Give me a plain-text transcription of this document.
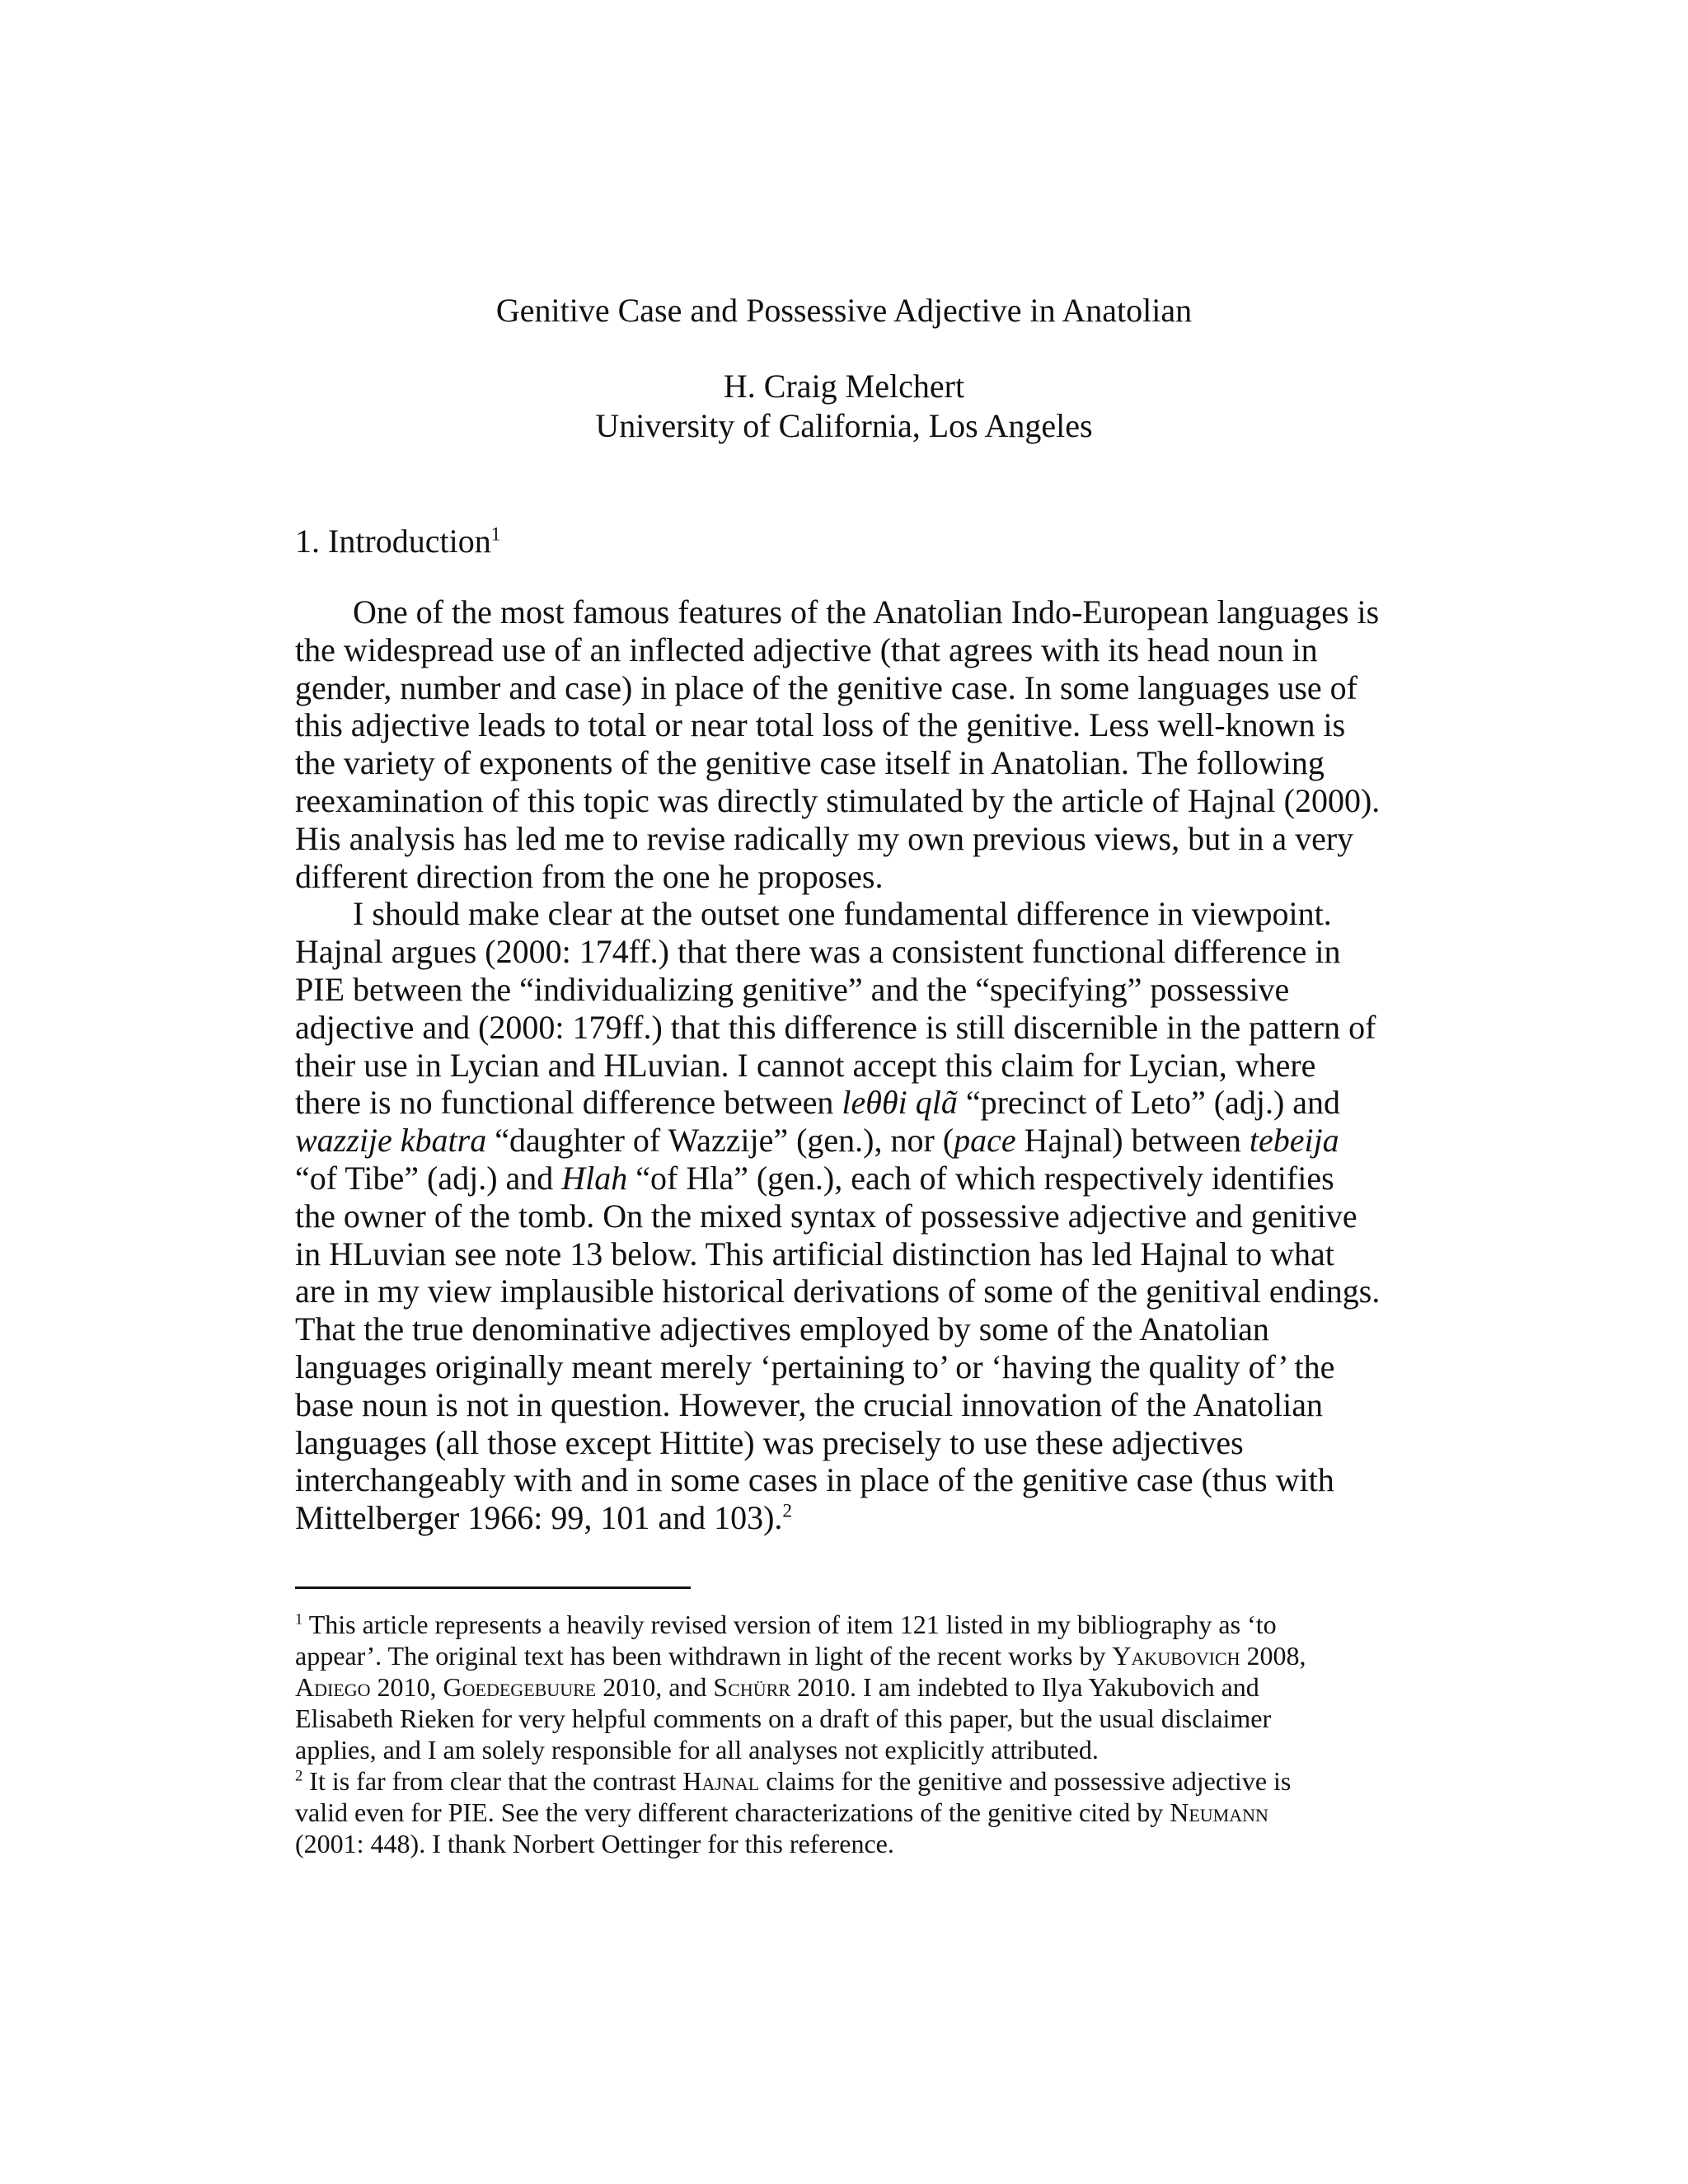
Genitive Case and Possessive Adjective in Anatolian
H. Craig Melchert
University of California, Los Angeles
1. Introduction$^1$
One of the most famous features of the Anatolian Indo-European languages is
the widespread use of an inflected adjective (that agrees with its head noun in
gender, number and case) in place of the genitive case. In some languages use of
this adjective leads to total or near total loss of the genitive. Less well-known is
the variety of exponents of the genitive case itself in Anatolian. The following
reexamination of this topic was directly stimulated by the article of Hajnal (2000).
His analysis has led me to revise radically my own previous views, but in a very
different direction from the one he proposes.
I should make clear at the outset one fundamental difference in viewpoint.
Hajnal argues (2000: 174ff.) that there was a consistent functional difference in
PIE between the “individualizing genitive” and the “specifying” possessive
adjective and (2000: 179ff.) that this difference is still discernible in the pattern of
their use in Lycian and HLuvian. I cannot accept this claim for Lycian, where
there is no functional difference between leθθi qlã “precinct of Leto” (adj.) and
wazzije kbatra “daughter of Wazzije” (gen.), nor (pace Hajnal) between tebeija
“of Tibe” (adj.) and Hlah “of Hla” (gen.), each of which respectively identifies
the owner of the tomb. On the mixed syntax of possessive adjective and genitive
in HLuvian see note 13 below. This artificial distinction has led Hajnal to what
are in my view implausible historical derivations of some of the genitival endings.
That the true denominative adjectives employed by some of the Anatolian
languages originally meant merely ‘pertaining to’ or ‘having the quality of’ the
base noun is not in question. However, the crucial innovation of the Anatolian
languages (all those except Hittite) was precisely to use these adjectives
interchangeably with and in some cases in place of the genitive case (thus with
Mittelberger 1966: 99, 101 and 103).$^2$
$^1$ This article represents a heavily revised version of item 121 listed in my bibliography as ‘to
appear’. The original text has been withdrawn in light of the recent works by Yakubovich 2008,
Adiego 2010, Goedegebuure 2010, and Schürr 2010. I am indebted to Ilya Yakubovich and
Elisabeth Rieken for very helpful comments on a draft of this paper, but the usual disclaimer
applies, and I am solely responsible for all analyses not explicitly attributed.
$^2$ It is far from clear that the contrast Hajnal claims for the genitive and possessive adjective is
valid even for PIE. See the very different characterizations of the genitive cited by Neumann
(2001: 448). I thank Norbert Oettinger for this reference.
